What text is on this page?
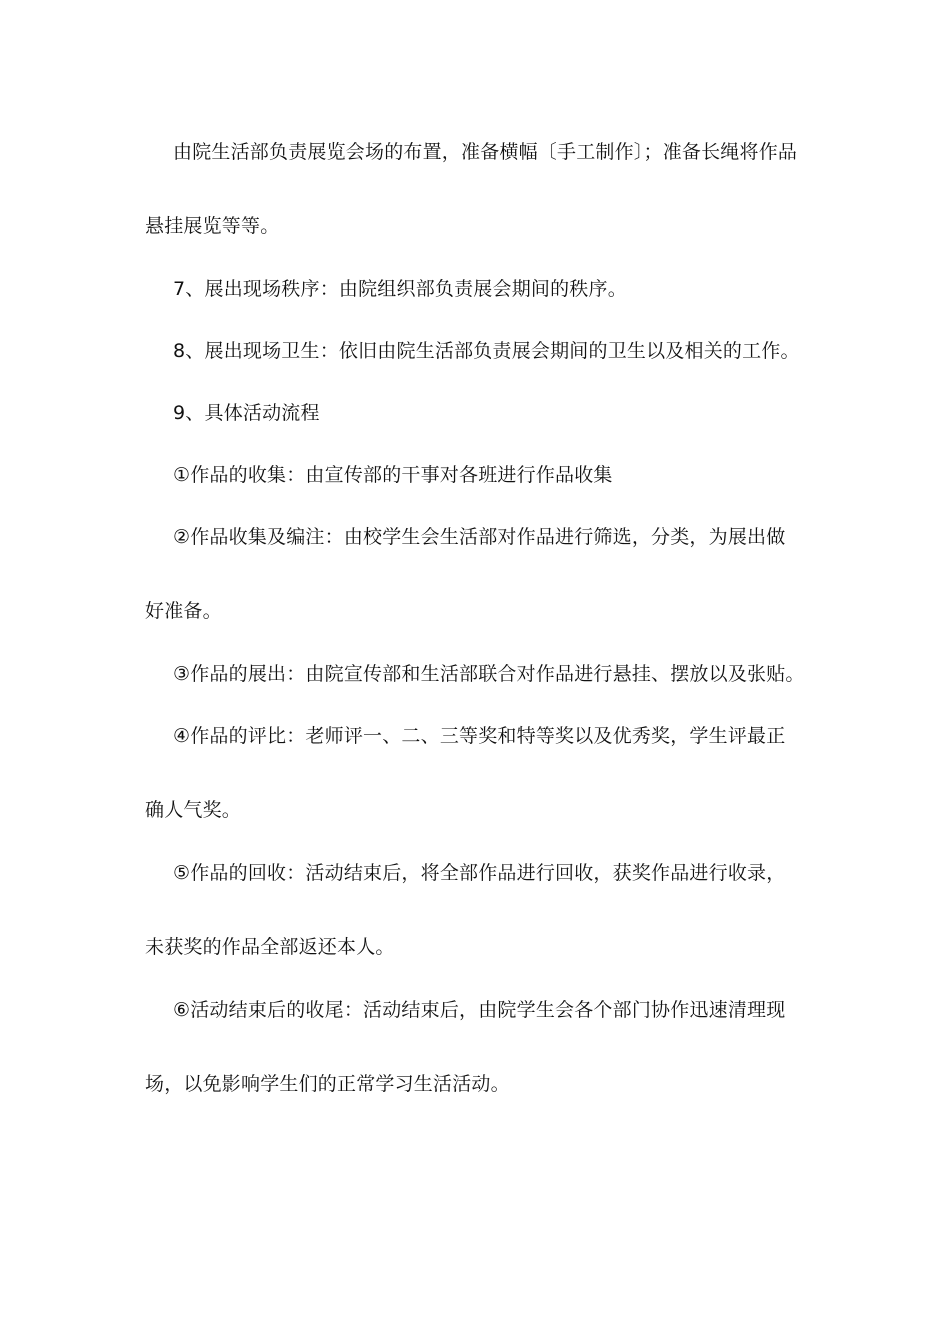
由院生活部负责展览会场的布置，准备横幅〔手工制作〕；准备长绳将作品
悬挂展览等等。
7、展出现场秩序：由院组织部负责展会期间的秩序。
8、展出现场卫生：依旧由院生活部负责展会期间的卫生以及相关的工作。
9、具体活动流程
①作品的收集：由宣传部的干事对各班进行作品收集
②作品收集及编注：由校学生会生活部对作品进行筛选，分类，为展出做
好准备。
③作品的展出：由院宣传部和生活部联合对作品进行悬挂、摆放以及张贴。
④作品的评比：老师评一、二、三等奖和特等奖以及优秀奖，学生评最正
确人气奖。
⑤作品的回收：活动结束后，将全部作品进行回收，获奖作品进行收录，
未获奖的作品全部返还本人。
⑥活动结束后的收尾：活动结束后，由院学生会各个部门协作迅速清理现
场，以免影响学生们的正常学习生活活动。
